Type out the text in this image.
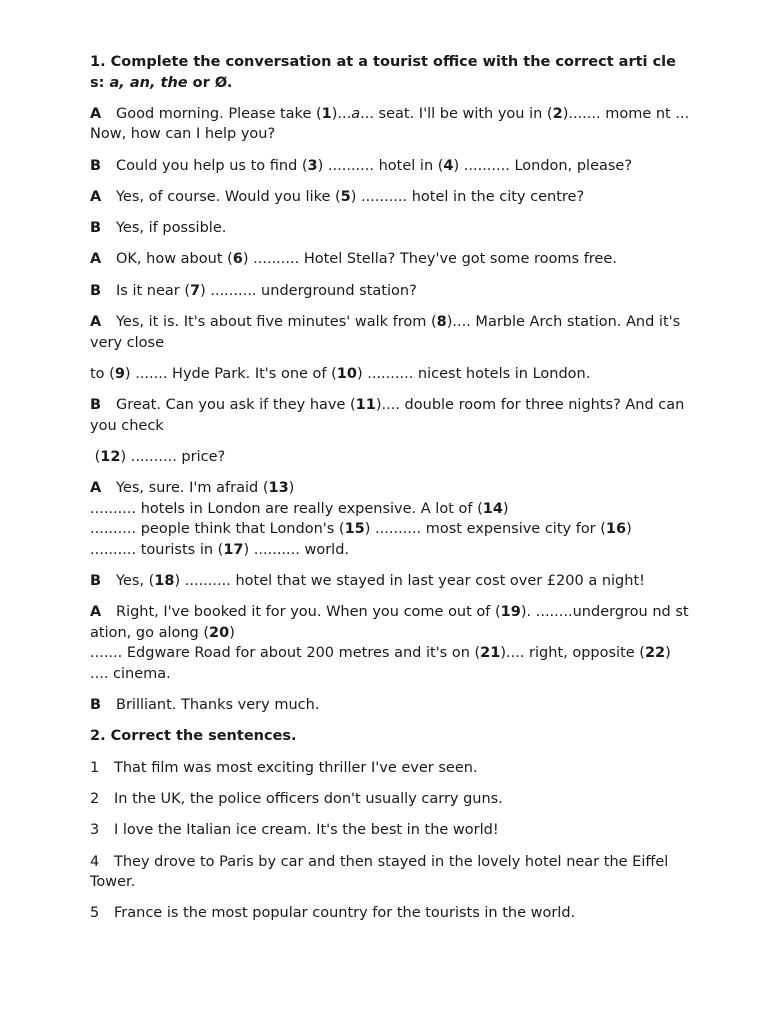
1. Complete the conversation at a tourist office with the correct arti cles: a, an, the or Ø.

A Good morning. Please take (1)...a... seat. I'll be with you in (2)....... mome nt ... Now, how can I help you?

B Could you help us to find (3) .......... hotel in (4) .......... London, please?

A Yes, of course. Would you like (5) .......... hotel in the city centre?

B Yes, if possible.

A OK, how about (6) .......... Hotel Stella? They've got some rooms free.

B Is it near (7) .......... underground station?

A Yes, it is. It's about five minutes' walk from (8).... Marble Arch station. And it's very close

to (9) ....... Hyde Park. It's one of (10) .......... nicest hotels in London.

B Great. Can you ask if they have (11).... double room for three nights? And can you check

(12) .......... price?

A Yes, sure. I'm afraid (13)
.......... hotels in London are really expensive. A lot of (14)
.......... people think that London's (15) .......... most expensive city for (16)
.......... tourists in (17) .......... world.

B Yes, (18) .......... hotel that we stayed in last year cost over £200 a night!

A Right, I've booked it for you. When you come out of (19). ........undergrou nd station, go along (20)
....... Edgware Road for about 200 metres and it's on (21).... right, opposite (22) .... cinema.

B Brilliant. Thanks very much.

2. Correct the sentences.

1 That film was most exciting thriller I've ever seen.

2 In the UK, the police officers don't usually carry guns.

3 I love the Italian ice cream. It's the best in the world!

4 They drove to Paris by car and then stayed in the lovely hotel near the Eiffel Tower.

5 France is the most popular country for the tourists in the world.
